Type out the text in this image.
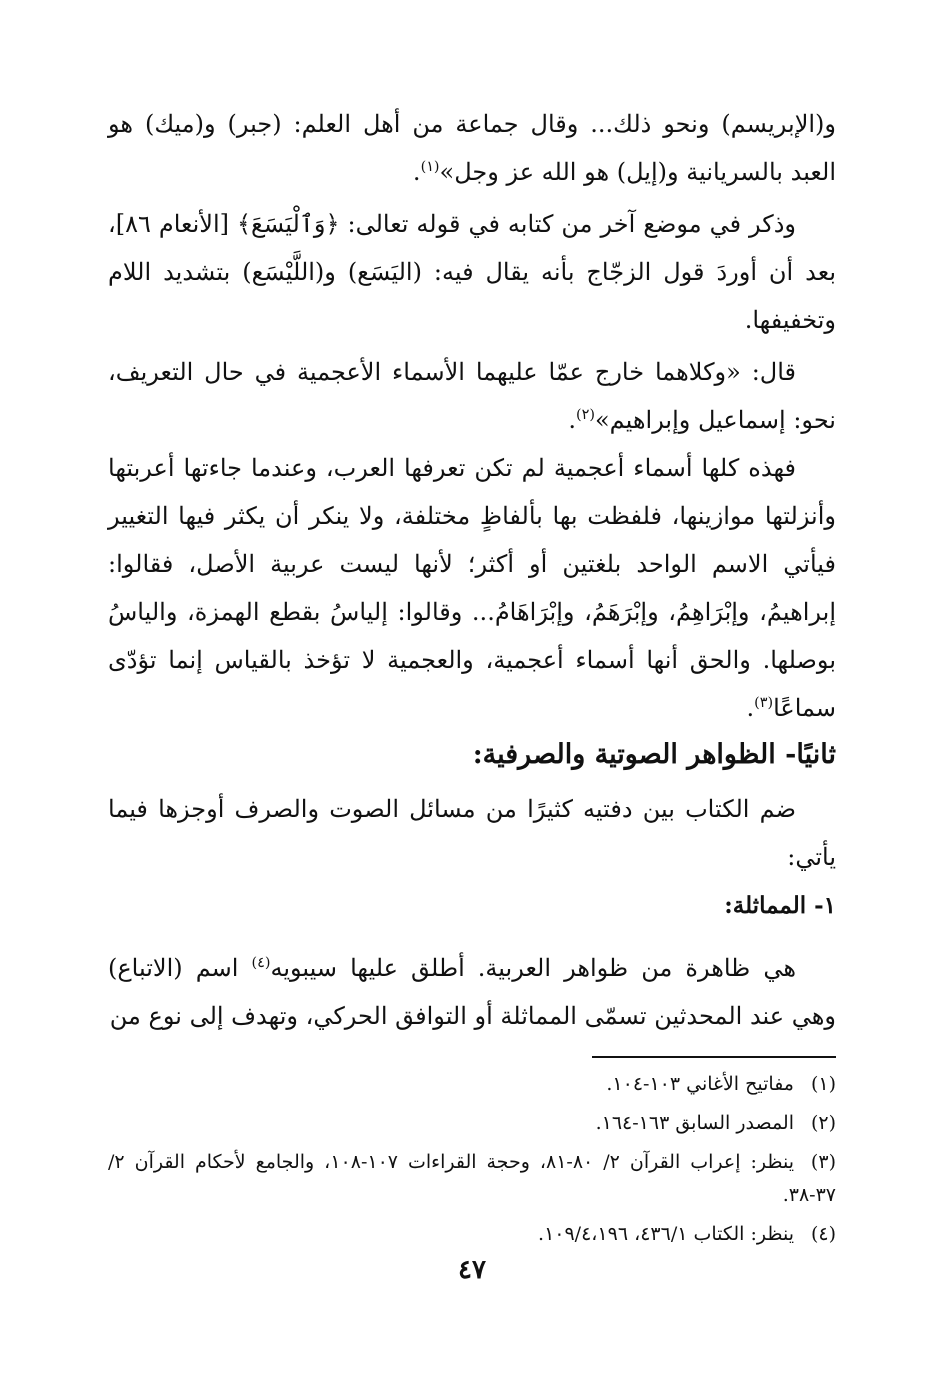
و(الإبريسم) ونحو ذلك... وقال جماعة من أهل العلم: (جبر) و(ميك) هو العبد بالسريانية و(إيل) هو الله عز وجل»$^{(١)}$.

وذكر في موضع آخر من كتابه في قوله تعالى: ﴿وَٱلْيَسَعَ﴾ [الأنعام ٨٦]، بعد أن أوردَ قول الزجّاج بأنه يقال فيه: (اليَسَع) و(اللَّيْسَع) بتشديد اللام وتخفيفها.

قال: «وكلاهما خارج عمّا عليهما الأسماء الأعجمية في حال التعريف، نحو: إسماعيل وإبراهيم»$^{(٢)}$.

فهذه كلها أسماء أعجمية لم تكن تعرفها العرب، وعندما جاءتها أعربتها وأنزلتها موازينها، فلفظت بها بألفاظٍ مختلفة، ولا ينكر أن يكثر فيها التغيير فيأتي الاسم الواحد بلغتين أو أكثر؛ لأنها ليست عربية الأصل، فقالوا: إبراهيمُ، وإبْرَاهِمُ، وإبْرَهَمُ، وإبْرَاهَامُ... وقالوا: إلياسُ بقطع الهمزة، والياسُ بوصلها. والحق أنها أسماء أعجمية، والعجمية لا تؤخذ بالقياس إنما تؤدّى سماعًا$^{(٣)}$.

ثانيًا- الظواهر الصوتية والصرفية:

ضم الكتاب بين دفتيه كثيرًا من مسائل الصوت والصرف أوجزها فيما يأتي:

١- المماثلة:

هي ظاهرة من ظواهر العربية. أطلق عليها سيبويه$^{(٤)}$ اسم (الاتباع) وهي عند المحدثين تسمّى المماثلة أو التوافق الحركي، وتهدف إلى نوع من

(١)مفاتيح الأغاني ١٠٣-١٠٤.

(٢)المصدر السابق ١٦٣-١٦٤.

(٣)ينظر: إعراب القرآن ٢/ ٨٠-٨١، وحجة القراءات ١٠٧-١٠٨، والجامع لأحكام القرآن ٢/ ٣٧-٣٨.

(٤)ينظر: الكتاب ٤٣٦/١، ١٠٩/٤،١٩٦.

٤٧
